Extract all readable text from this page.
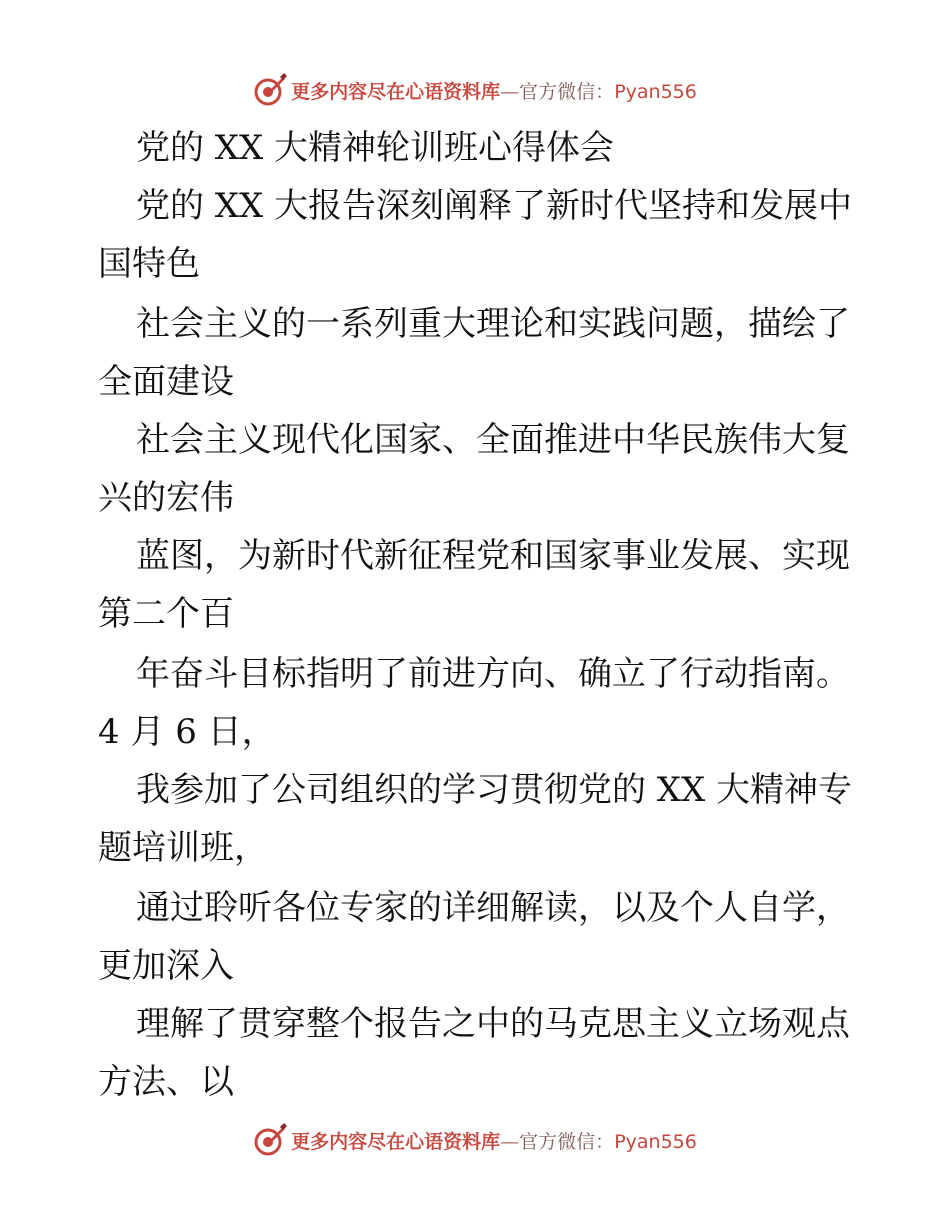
更多内容尽在心语资料库—官方微信：Pyan556
党的 XX 大精神轮训班心得体会
党的 XX 大报告深刻阐释了新时代坚持和发展中
国特色
社会主义的一系列重大理论和实践问题，描绘了
全面建设
社会主义现代化国家、全面推进中华民族伟大复
兴的宏伟
蓝图，为新时代新征程党和国家事业发展、实现
第二个百
年奋斗目标指明了前进方向、确立了行动指南。
4 月 6 日，
我参加了公司组织的学习贯彻党的 XX 大精神专
题培训班，
通过聆听各位专家的详细解读，以及个人自学，
更加深入
理解了贯穿整个报告之中的马克思主义立场观点
方法、以
更多内容尽在心语资料库—官方微信：Pyan556
